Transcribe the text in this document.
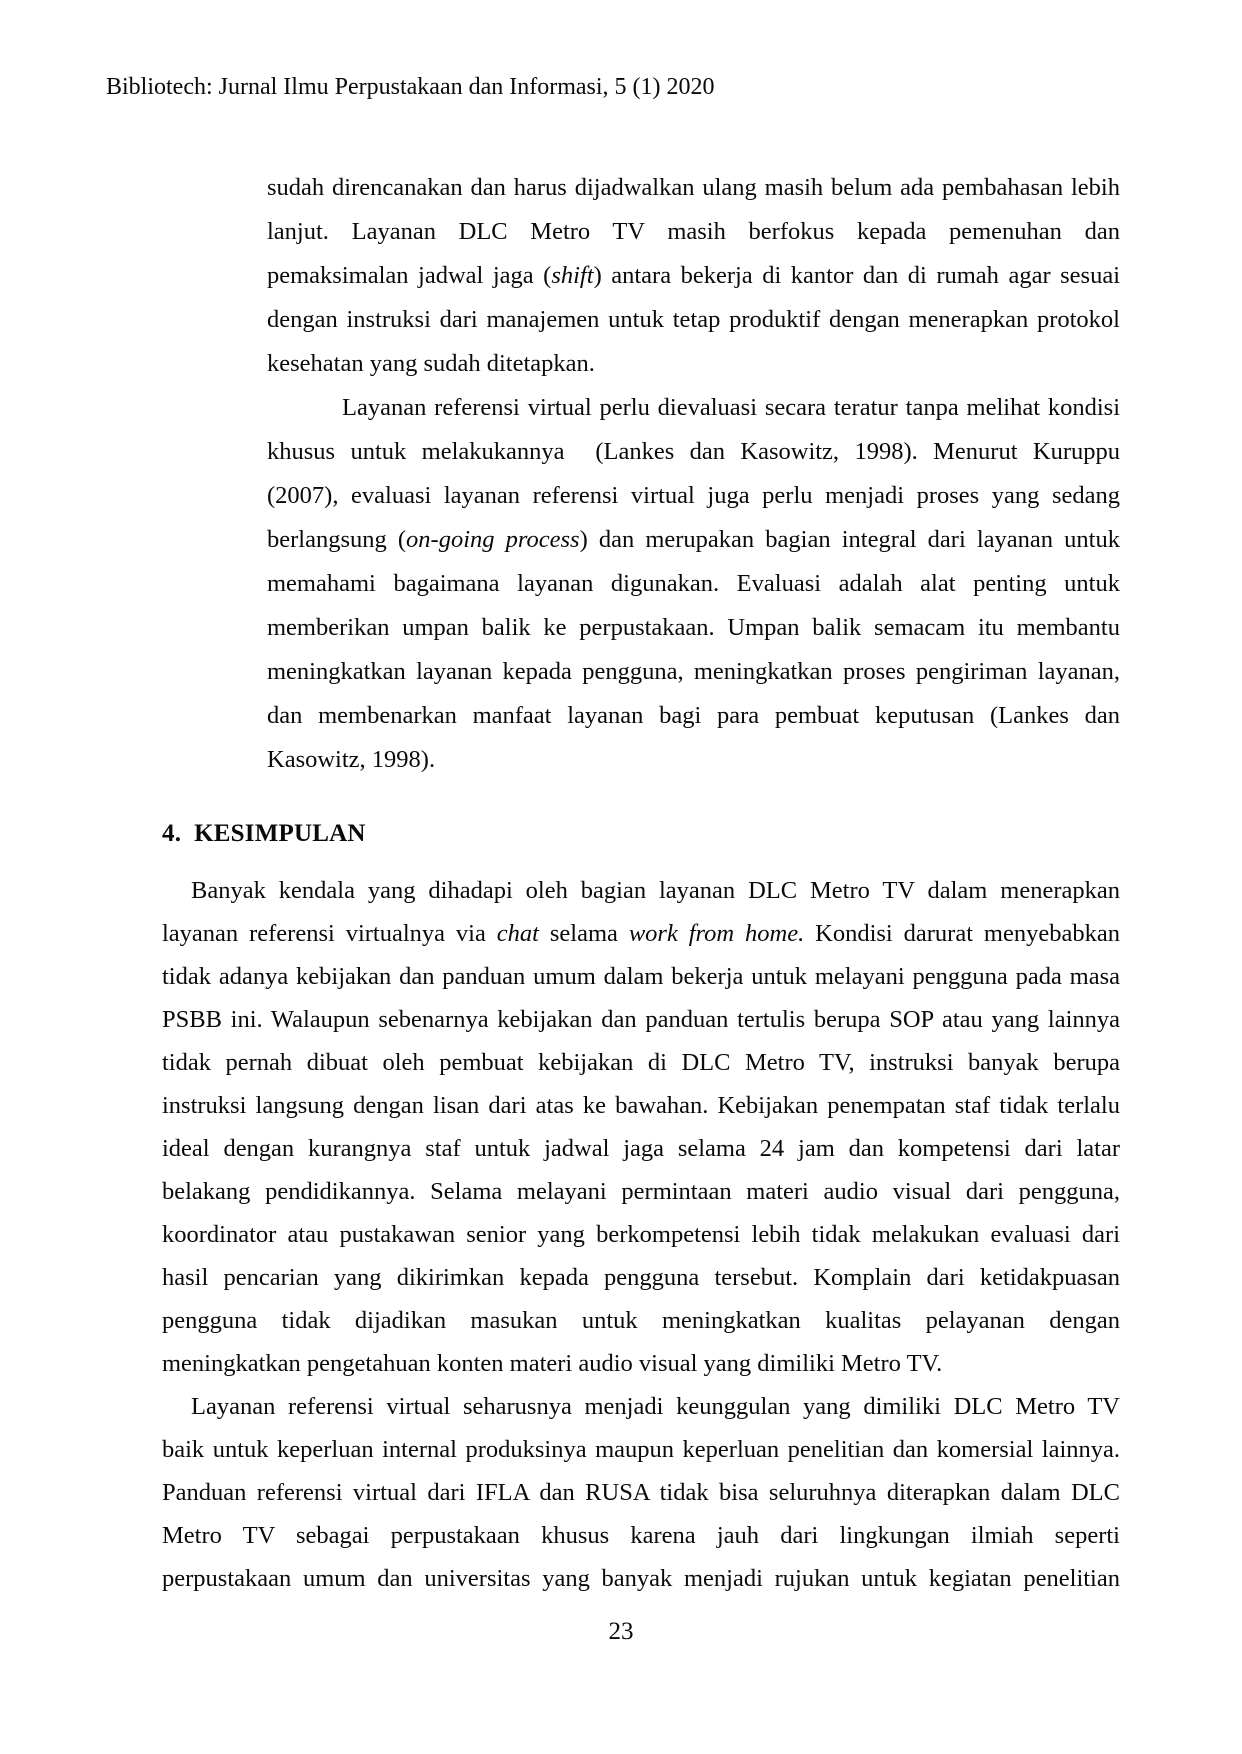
Bibliotech: Jurnal Ilmu Perpustakaan dan Informasi, 5 (1) 2020
sudah direncanakan dan harus dijadwalkan ulang masih belum ada pembahasan lebih
lanjut. Layanan DLC Metro TV masih berfokus kepada pemenuhan dan
pemaksimalan jadwal jaga (shift) antara bekerja di kantor dan di rumah agar sesuai
dengan instruksi dari manajemen untuk tetap produktif dengan menerapkan protokol
kesehatan yang sudah ditetapkan.
Layanan referensi virtual perlu dievaluasi secara teratur tanpa melihat kondisi
khusus untuk melakukannya  (Lankes dan Kasowitz, 1998). Menurut Kuruppu
(2007), evaluasi layanan referensi virtual juga perlu menjadi proses yang sedang
berlangsung (on-going process) dan merupakan bagian integral dari layanan untuk
memahami bagaimana layanan digunakan. Evaluasi adalah alat penting untuk
memberikan umpan balik ke perpustakaan. Umpan balik semacam itu membantu
meningkatkan layanan kepada pengguna, meningkatkan proses pengiriman layanan,
dan membenarkan manfaat layanan bagi para pembuat keputusan (Lankes dan
Kasowitz, 1998).
4. KESIMPULAN
Banyak kendala yang dihadapi oleh bagian layanan DLC Metro TV dalam menerapkan
layanan referensi virtualnya via chat selama work from home. Kondisi darurat menyebabkan
tidak adanya kebijakan dan panduan umum dalam bekerja untuk melayani pengguna pada masa
PSBB ini. Walaupun sebenarnya kebijakan dan panduan tertulis berupa SOP atau yang lainnya
tidak pernah dibuat oleh pembuat kebijakan di DLC Metro TV, instruksi banyak berupa
instruksi langsung dengan lisan dari atas ke bawahan. Kebijakan penempatan staf tidak terlalu
ideal dengan kurangnya staf untuk jadwal jaga selama 24 jam dan kompetensi dari latar
belakang pendidikannya. Selama melayani permintaan materi audio visual dari pengguna,
koordinator atau pustakawan senior yang berkompetensi lebih tidak melakukan evaluasi dari
hasil pencarian yang dikirimkan kepada pengguna tersebut. Komplain dari ketidakpuasan
pengguna tidak dijadikan masukan untuk meningkatkan kualitas pelayanan dengan
meningkatkan pengetahuan konten materi audio visual yang dimiliki Metro TV.
Layanan referensi virtual seharusnya menjadi keunggulan yang dimiliki DLC Metro TV
baik untuk keperluan internal produksinya maupun keperluan penelitian dan komersial lainnya.
Panduan referensi virtual dari IFLA dan RUSA tidak bisa seluruhnya diterapkan dalam DLC
Metro TV sebagai perpustakaan khusus karena jauh dari lingkungan ilmiah seperti
perpustakaan umum dan universitas yang banyak menjadi rujukan untuk kegiatan penelitian
23
